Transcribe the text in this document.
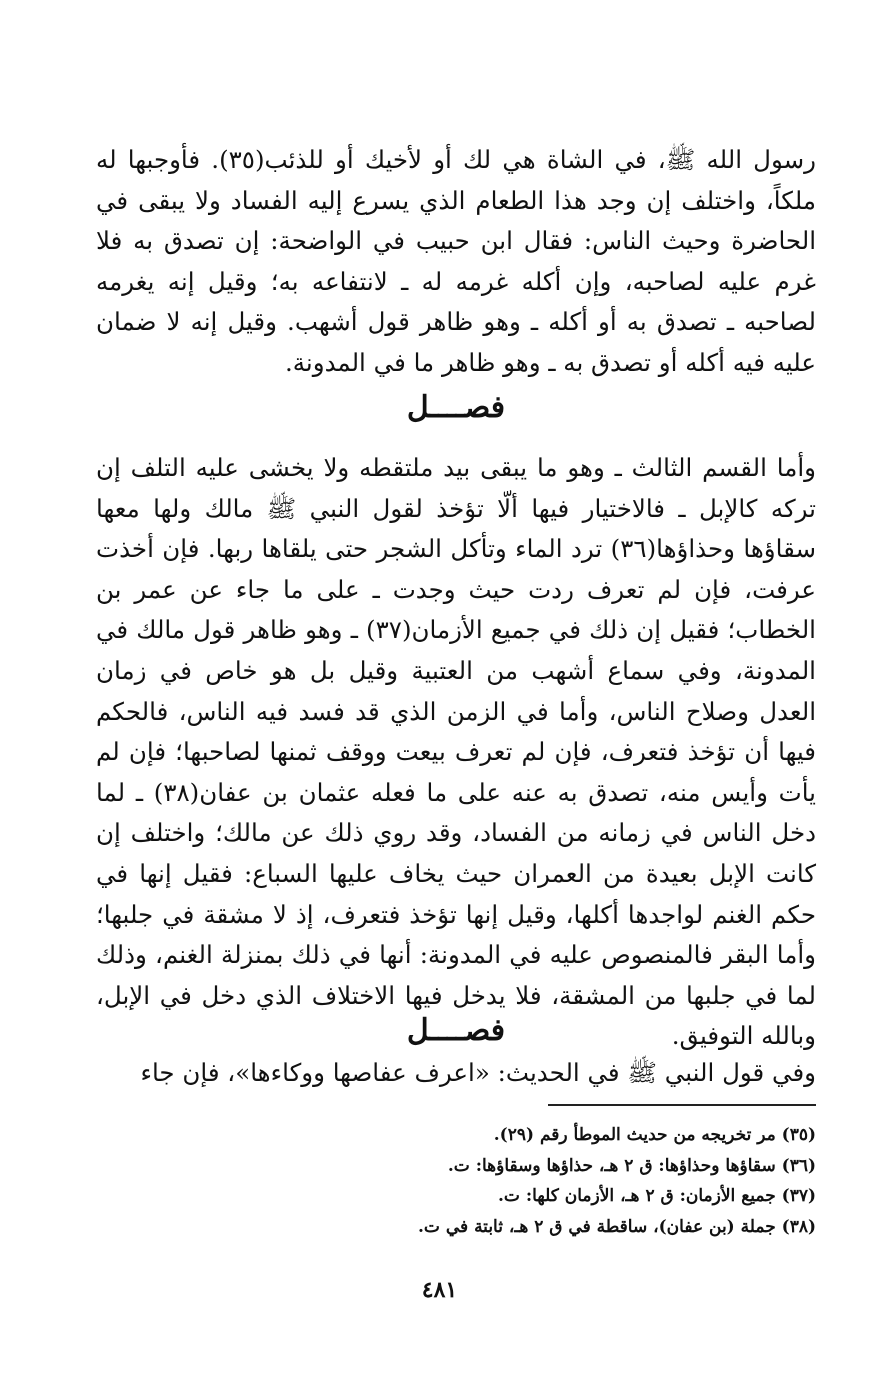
رسول الله ﷺ، في الشاة هي لك أو لأخيك أو للذئب(٣٥). فأوجبها له ملكاً، واختلف إن وجد هذا الطعام الذي يسرع إليه الفساد ولا يبقى في الحاضرة وحيث الناس: فقال ابن حبيب في الواضحة: إن تصدق به فلا غرم عليه لصاحبه، وإن أكله غرمه له ـ لانتفاعه به؛ وقيل إنه يغرمه لصاحبه ـ تصدق به أو أكله ـ وهو ظاهر قول أشهب. وقيل إنه لا ضمان عليه فيه أكله أو تصدق به ـ وهو ظاهر ما في المدونة.

فصــــل

وأما القسم الثالث ـ وهو ما يبقى بيد ملتقطه ولا يخشى عليه التلف إن تركه كالإبل ـ فالاختيار فيها ألّا تؤخذ لقول النبي ﷺ مالك ولها معها سقاؤها وحذاؤها(٣٦) ترد الماء وتأكل الشجر حتى يلقاها ربها. فإن أخذت عرفت، فإن لم تعرف ردت حيث وجدت ـ على ما جاء عن عمر بن الخطاب؛ فقيل إن ذلك في جميع الأزمان(٣٧) ـ وهو ظاهر قول مالك في المدونة، وفي سماع أشهب من العتبية وقيل بل هو خاص في زمان العدل وصلاح الناس، وأما في الزمن الذي قد فسد فيه الناس، فالحكم فيها أن تؤخذ فتعرف، فإن لم تعرف بيعت ووقف ثمنها لصاحبها؛ فإن لم يأت وأيس منه، تصدق به عنه على ما فعله عثمان بن عفان(٣٨) ـ لما دخل الناس في زمانه من الفساد، وقد روي ذلك عن مالك؛ واختلف إن كانت الإبل بعيدة من العمران حيث يخاف عليها السباع: فقيل إنها في حكم الغنم لواجدها أكلها، وقيل إنها تؤخذ فتعرف، إذ لا مشقة في جلبها؛ وأما البقر فالمنصوص عليه في المدونة: أنها في ذلك بمنزلة الغنم، وذلك لما في جلبها من المشقة، فلا يدخل فيها الاختلاف الذي دخل في الإبل، وبالله التوفيق.

فصــــل

وفي قول النبي ﷺ في الحديث: «اعرف عفاصها ووكاءها»، فإن جاء

(٣٥) مر تخريجه من حديث الموطأ رقم (٢٩).
(٣٦) سقاؤها وحذاؤها: ق ٢ هـ، حذاؤها وسقاؤها: ت.
(٣٧) جميع الأزمان: ق ٢ هـ، الأزمان كلها: ت.
(٣٨) جملة (بن عفان)، ساقطة في ق ٢ هـ، ثابتة في ت.
٤٨١
